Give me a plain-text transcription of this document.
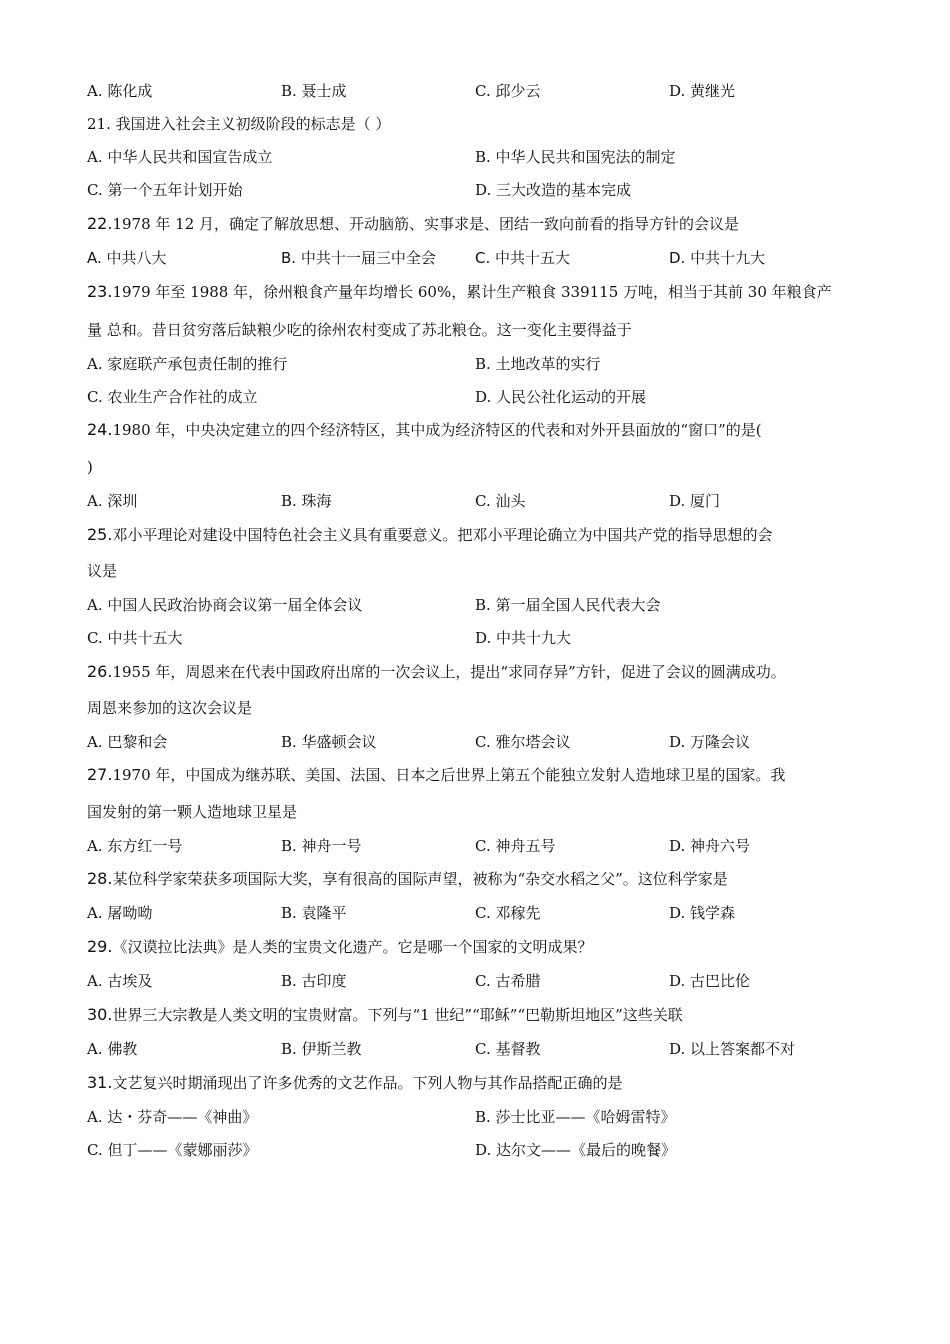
A. 陈化成	B. 聂士成	C. 邱少云	D. 黄继光
21. 我国进入社会主义初级阶段的标志是（ ）
A. 中华人民共和国宣告成立	B. 中华人民共和国宪法的制定
C. 第一个五年计划开始	D. 三大改造的基本完成
22.1978 年 12 月，确定了解放思想、开动脑筋、实事求是、团结一致向前看的指导方针的会议是
A. 中共八大	B. 中共十一届三中全会	C. 中共十五大	D. 中共十九大
23.1979 年至 1988 年，徐州粮食产量年均增长 60%，累计生产粮食 339115 万吨，相当于其前 30 年粮食产
量 总和。昔日贫穷落后缺粮少吃的徐州农村变成了苏北粮仓。这一变化主要得益于
A. 家庭联产承包责任制的推行	B. 土地改革的实行
C. 农业生产合作社的成立	D. 人民公社化运动的开展
24.1980 年，中央决定建立的四个经济特区，其中成为经济特区的代表和对外开县面放的“窗口”的是(
)
A. 深圳	B. 珠海	C. 汕头	D. 厦门
25.邓小平理论对建设中国特色社会主义具有重要意义。把邓小平理论确立为中国共产党的指导思想的会
议是
A. 中国人民政治协商会议第一届全体会议	B. 第一届全国人民代表大会
C. 中共十五大	D. 中共十九大
26.1955 年，周恩来在代表中国政府出席的一次会议上，提出“求同存异”方针，促进了会议的圆满成功。
周恩来参加的这次会议是
A. 巴黎和会	B. 华盛顿会议	C. 雅尔塔会议	D. 万隆会议
27.1970 年，中国成为继苏联、美国、法国、日本之后世界上第五个能独立发射人造地球卫星的国家。我
国发射的第一颗人造地球卫星是
A. 东方红一号	B. 神舟一号	C. 神舟五号	D. 神舟六号
28.某位科学家荣获多项国际大奖，享有很高的国际声望，被称为“杂交水稻之父”。这位科学家是
A. 屠呦呦	B. 袁隆平	C. 邓稼先	D. 钱学森
29.《汉谟拉比法典》是人类的宝贵文化遗产。它是哪一个国家的文明成果？
A. 古埃及	B. 古印度	C. 古希腊	D. 古巴比伦
30.世界三大宗教是人类文明的宝贵财富。下列与“1 世纪”“耶稣”“巴勒斯坦地区”这些关联
A. 佛教	B. 伊斯兰教	C. 基督教	D. 以上答案都不对
31.文艺复兴时期涌现出了许多优秀的文艺作品。下列人物与其作品搭配正确的是
A. 达・芬奇——《神曲》	B. 莎士比亚——《哈姆雷特》
C. 但丁——《蒙娜丽莎》	D. 达尔文——《最后的晚餐》
